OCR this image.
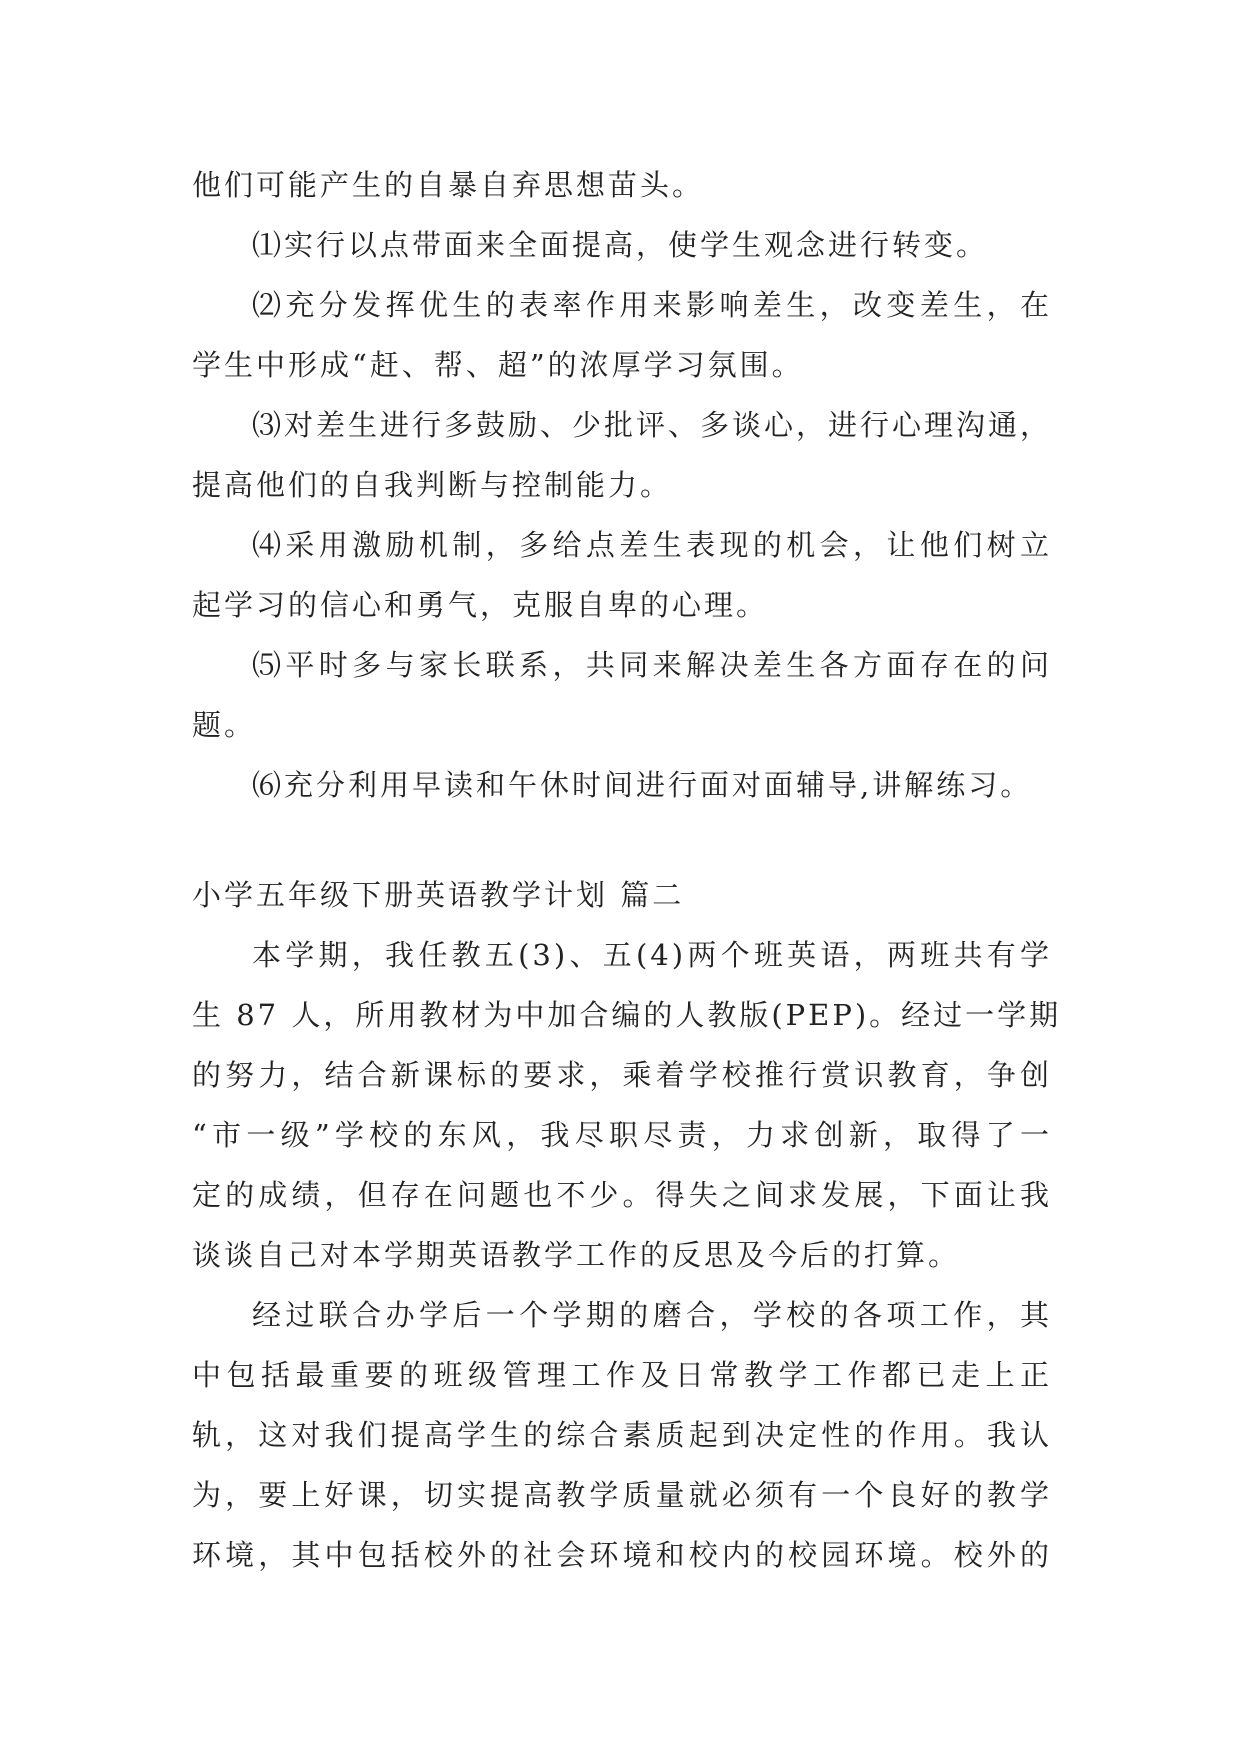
他们可能产生的自暴自弃思想苗头。
⑴实行以点带面来全面提高，使学生观念进行转变。
⑵充分发挥优生的表率作用来影响差生，改变差生，在
学生中形成“赶、帮、超”的浓厚学习氛围。
⑶对差生进行多鼓励、少批评、多谈心，进行心理沟通，
提高他们的自我判断与控制能力。
⑷采用激励机制，多给点差生表现的机会，让他们树立
起学习的信心和勇气，克服自卑的心理。
⑸平时多与家长联系，共同来解决差生各方面存在的问
题。
⑹充分利用早读和午休时间进行面对面辅导,讲解练习。
小学五年级下册英语教学计划 篇二
本学期，我任教五(3)、五(4)两个班英语，两班共有学
生 87 人，所用教材为中加合编的人教版(PEP)。经过一学期
的努力，结合新课标的要求，乘着学校推行赏识教育，争创
“市一级”学校的东风，我尽职尽责，力求创新，取得了一
定的成绩，但存在问题也不少。得失之间求发展，下面让我
谈谈自己对本学期英语教学工作的反思及今后的打算。
经过联合办学后一个学期的磨合，学校的各项工作，其
中包括最重要的班级管理工作及日常教学工作都已走上正
轨，这对我们提高学生的综合素质起到决定性的作用。我认
为，要上好课，切实提高教学质量就必须有一个良好的教学
环境，其中包括校外的社会环境和校内的校园环境。校外的
